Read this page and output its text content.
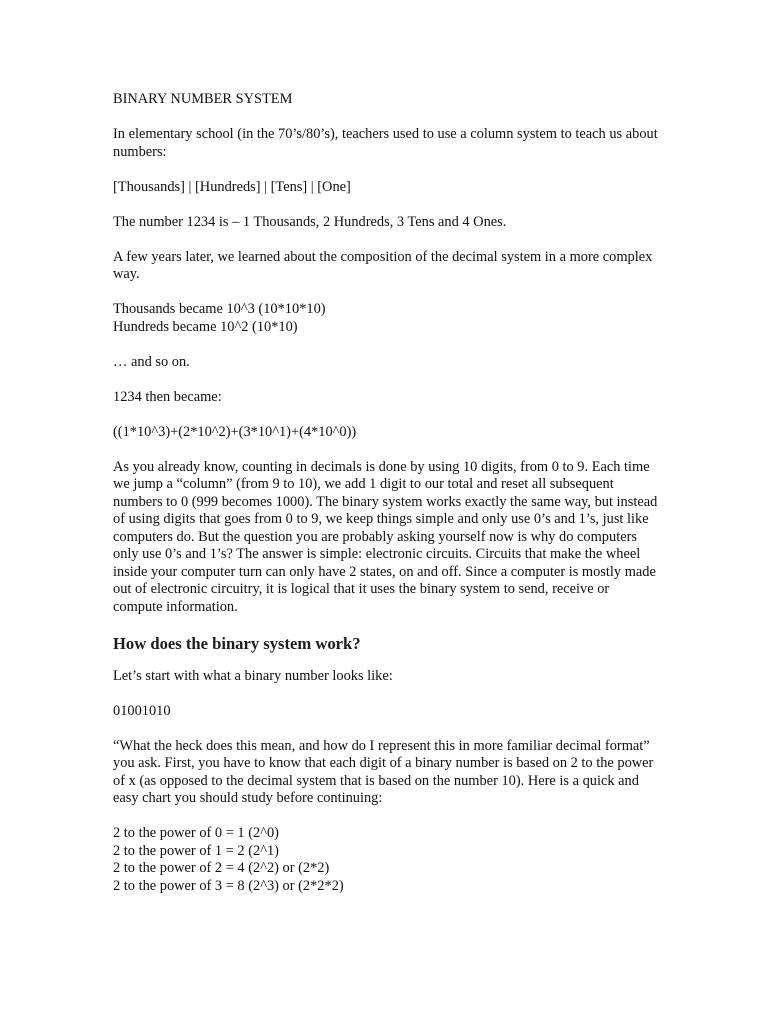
BINARY NUMBER SYSTEM

In elementary school (in the 70’s/80’s), teachers used to use a column system to teach us about numbers:

[Thousands] | [Hundreds] | [Tens] | [One]

The number 1234 is – 1 Thousands, 2 Hundreds, 3 Tens and 4 Ones.

A few years later, we learned about the composition of the decimal system in a more complex way.

Thousands became 10^3 (10*10*10)
Hundreds became 10^2 (10*10)

… and so on.

1234 then became:

((1*10^3)+(2*10^2)+(3*10^1)+(4*10^0))

As you already know, counting in decimals is done by using 10 digits, from 0 to 9. Each time we jump a “column” (from 9 to 10), we add 1 digit to our total and reset all subsequent numbers to 0 (999 becomes 1000). The binary system works exactly the same way, but instead of using digits that goes from 0 to 9, we keep things simple and only use 0’s and 1’s, just like computers do. But the question you are probably asking yourself now is why do computers only use 0’s and 1’s? The answer is simple: electronic circuits. Circuits that make the wheel inside your computer turn can only have 2 states, on and off. Since a computer is mostly made out of electronic circuitry, it is logical that it uses the binary system to send, receive or compute information.

How does the binary system work?

Let’s start with what a binary number looks like:

01001010

“What the heck does this mean, and how do I represent this in more familiar decimal format” you ask. First, you have to know that each digit of a binary number is based on 2 to the power of x (as opposed to the decimal system that is based on the number 10). Here is a quick and easy chart you should study before continuing:

2 to the power of 0 = 1 (2^0)
2 to the power of 1 = 2 (2^1)
2 to the power of 2 = 4 (2^2) or (2*2)
2 to the power of 3 = 8 (2^3) or (2*2*2)
